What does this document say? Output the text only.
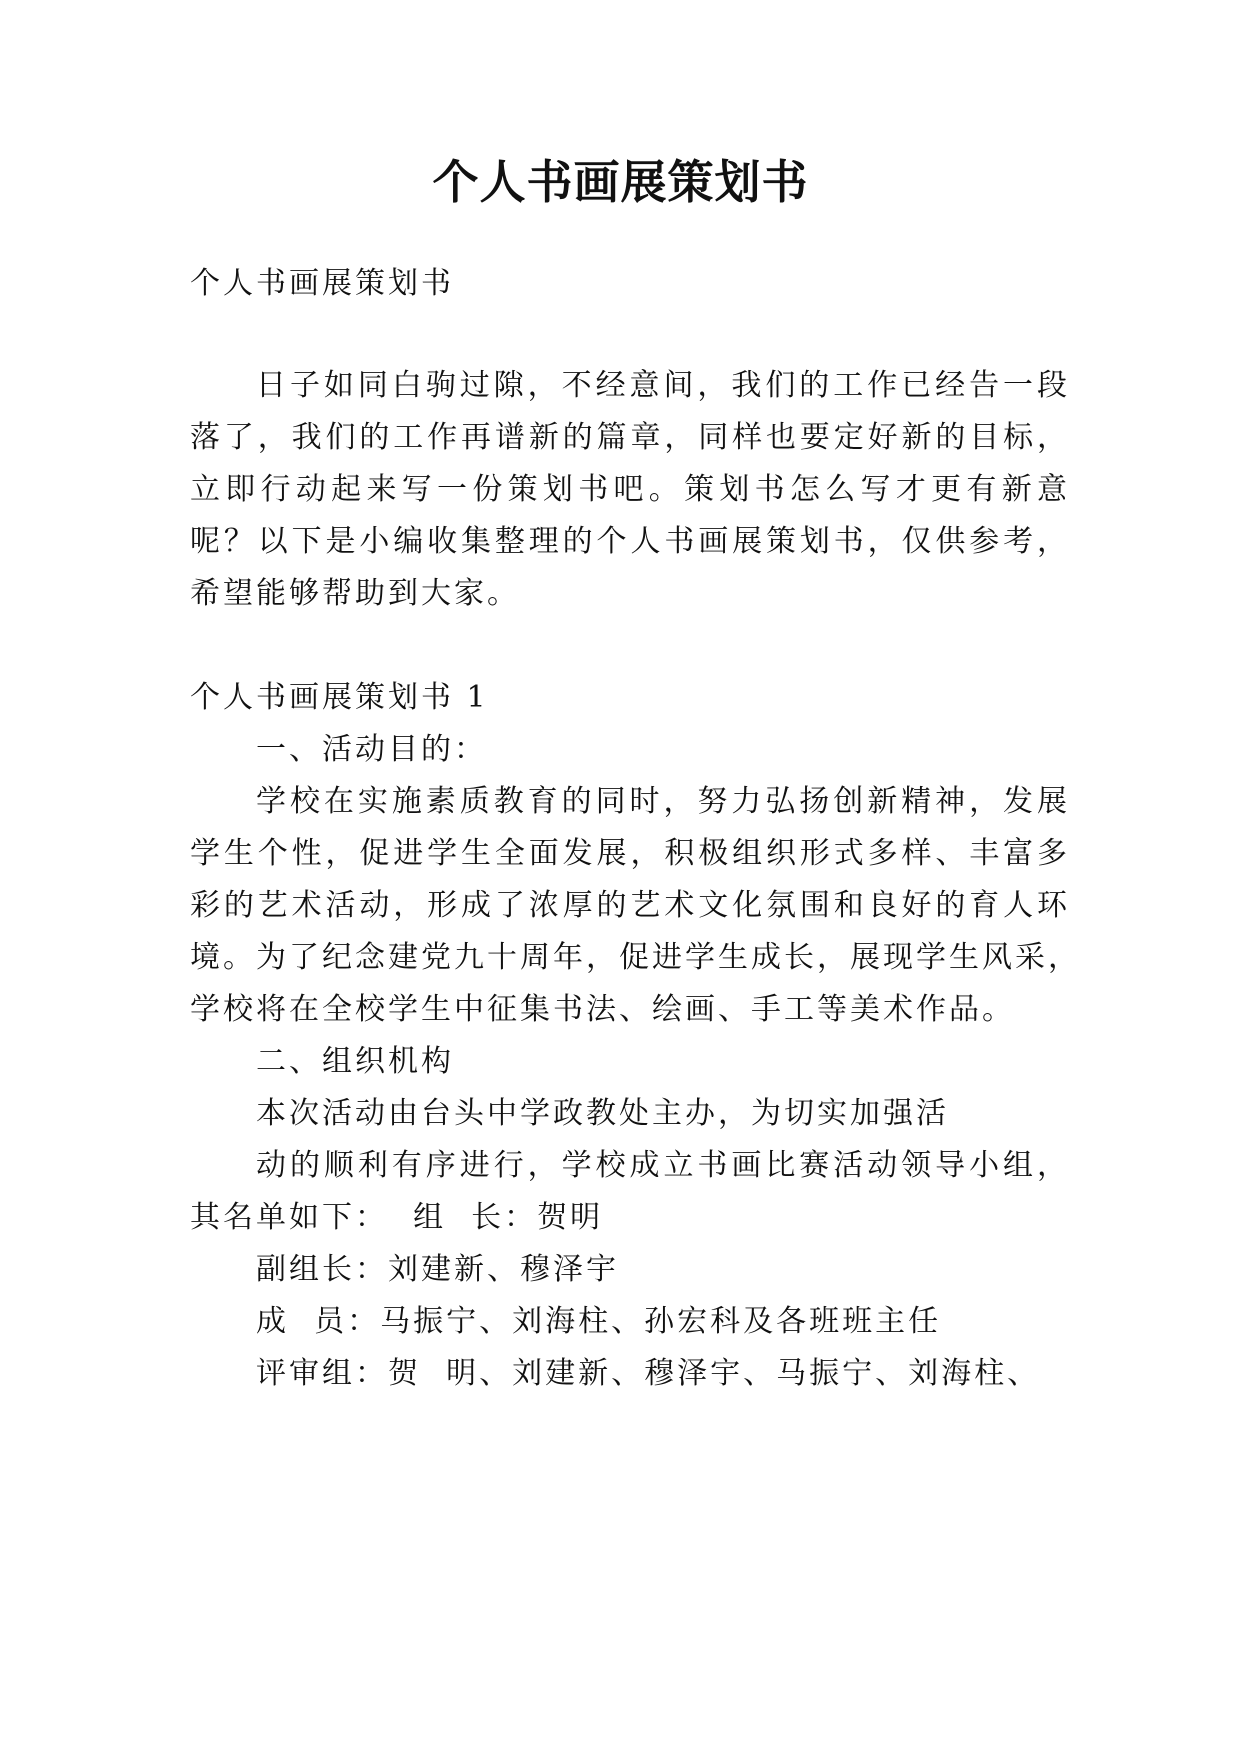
个人书画展策划书
个人书画展策划书
日子如同白驹过隙，不经意间，我们的工作已经告一段
落了，我们的工作再谱新的篇章，同样也要定好新的目标，
立即行动起来写一份策划书吧。策划书怎么写才更有新意
呢？以下是小编收集整理的个人书画展策划书，仅供参考，
希望能够帮助到大家。
个人书画展策划书 1
一、活动目的：
学校在实施素质教育的同时，努力弘扬创新精神，发展
学生个性，促进学生全面发展，积极组织形式多样、丰富多
彩的艺术活动，形成了浓厚的艺术文化氛围和良好的育人环
境。为了纪念建党九十周年，促进学生成长，展现学生风采，
学校将在全校学生中征集书法、绘画、手工等美术作品。
二、组织机构
本次活动由台头中学政教处主办，为切实加强活
动的顺利有序进行，学校成立书画比赛活动领导小组，
其名单如下：  组  长：贺明
副组长：刘建新、穆泽宇
成  员：马振宁、刘海柱、孙宏科及各班班主任
评审组：贺  明、刘建新、穆泽宇、马振宁、刘海柱、
